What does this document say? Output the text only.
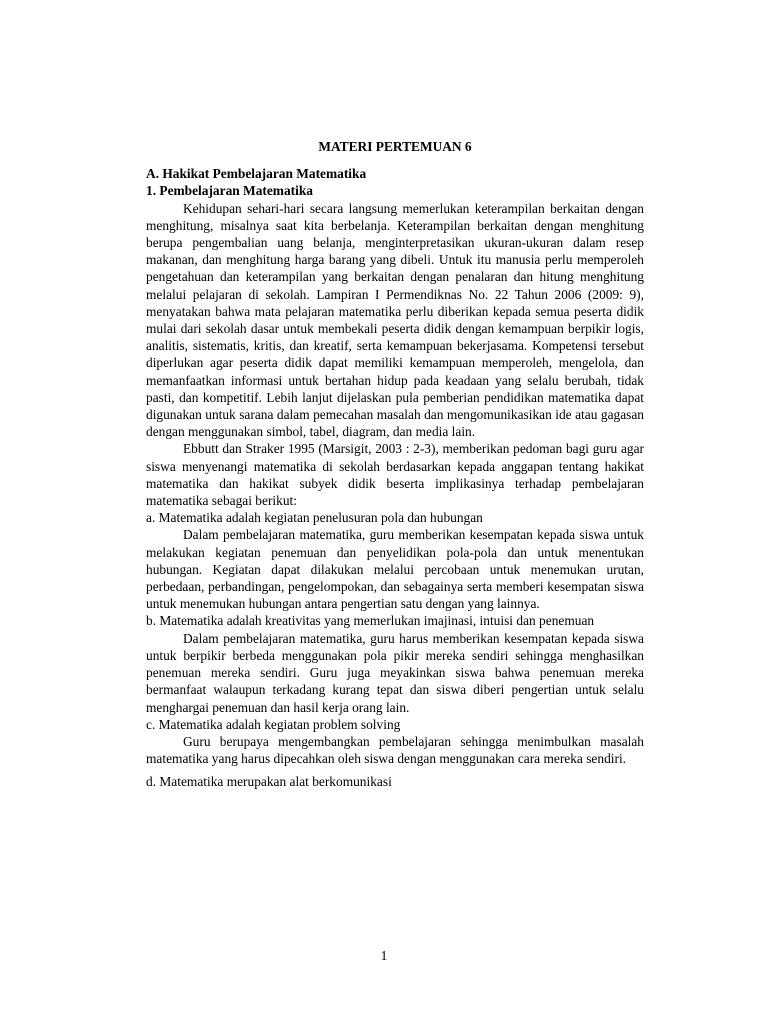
MATERI PERTEMUAN 6
A. Hakikat Pembelajaran Matematika
1. Pembelajaran Matematika

Kehidupan sehari-hari secara langsung memerlukan keterampilan berkaitan dengan menghitung, misalnya saat kita berbelanja. Keterampilan berkaitan dengan menghitung berupa pengembalian uang belanja, menginterpretasikan ukuran-ukuran dalam resep makanan, dan menghitung harga barang yang dibeli. Untuk itu manusia perlu memperoleh pengetahuan dan keterampilan yang berkaitan dengan penalaran dan hitung menghitung melalui pelajaran di sekolah. Lampiran I Permendiknas No. 22 Tahun 2006 (2009: 9), menyatakan bahwa mata pelajaran matematika perlu diberikan kepada semua peserta didik mulai dari sekolah dasar untuk membekali peserta didik dengan kemampuan berpikir logis, analitis, sistematis, kritis, dan kreatif, serta kemampuan bekerjasama. Kompetensi tersebut diperlukan agar peserta didik dapat memiliki kemampuan memperoleh, mengelola, dan memanfaatkan informasi untuk bertahan hidup pada keadaan yang selalu berubah, tidak pasti, dan kompetitif. Lebih lanjut dijelaskan pula pemberian pendidikan matematika dapat digunakan untuk sarana dalam pemecahan masalah dan mengomunikasikan ide atau gagasan dengan menggunakan simbol, tabel, diagram, dan media lain.

Ebbutt dan Straker 1995 (Marsigit, 2003 : 2-3), memberikan pedoman bagi guru agar siswa menyenangi matematika di sekolah berdasarkan kepada anggapan tentang hakikat matematika dan hakikat subyek didik beserta implikasinya terhadap pembelajaran matematika sebagai berikut:

a. Matematika adalah kegiatan penelusuran pola dan hubungan

Dalam pembelajaran matematika, guru memberikan kesempatan kepada siswa untuk melakukan kegiatan penemuan dan penyelidikan pola-pola dan untuk menentukan hubungan. Kegiatan dapat dilakukan melalui percobaan untuk menemukan urutan, perbedaan, perbandingan, pengelompokan, dan sebagainya serta memberi kesempatan siswa untuk menemukan hubungan antara pengertian satu dengan yang lainnya.

b. Matematika adalah kreativitas yang memerlukan imajinasi, intuisi dan penemuan

Dalam pembelajaran matematika, guru harus memberikan kesempatan kepada siswa untuk berpikir berbeda menggunakan pola pikir mereka sendiri sehingga menghasilkan penemuan mereka sendiri. Guru juga meyakinkan siswa bahwa penemuan mereka bermanfaat walaupun terkadang kurang tepat dan siswa diberi pengertian untuk selalu menghargai penemuan dan hasil kerja orang lain.

c. Matematika adalah kegiatan problem solving

Guru berupaya mengembangkan pembelajaran sehingga menimbulkan masalah matematika yang harus dipecahkan oleh siswa dengan menggunakan cara mereka sendiri.

d. Matematika merupakan alat berkomunikasi

1
